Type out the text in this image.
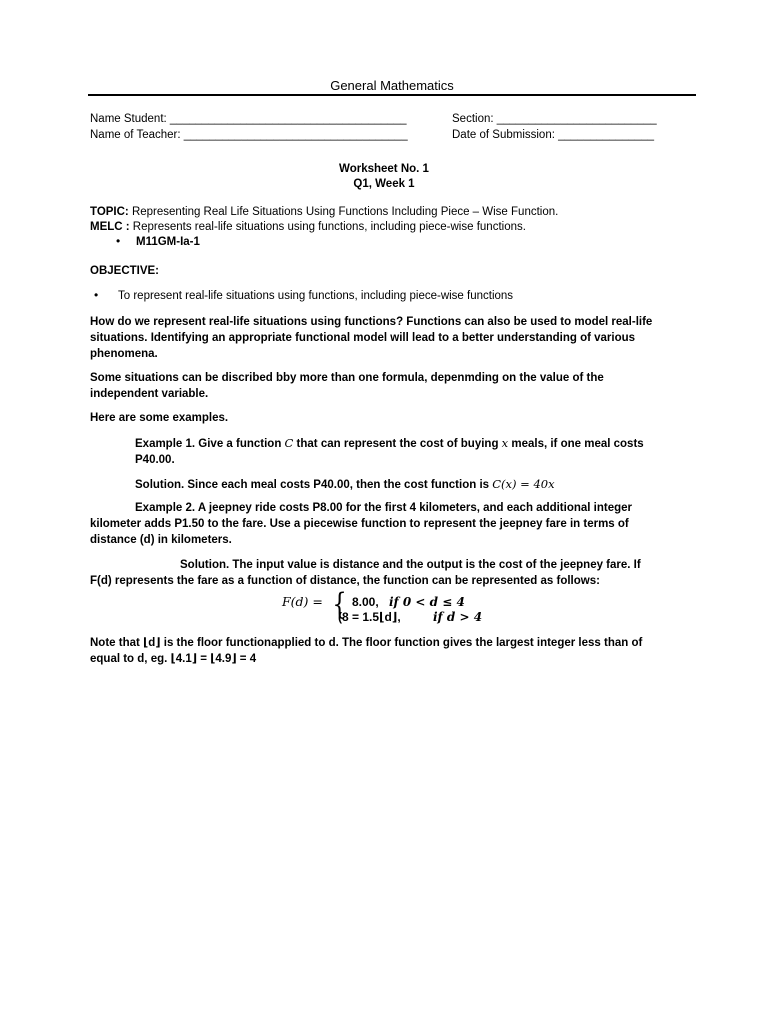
General Mathematics
Name Student: _____________________________________	Section: _________________________
Name of Teacher: ___________________________________	Date of Submission: _______________
Worksheet No. 1
Q1, Week 1
TOPIC: Representing Real Life Situations Using Functions Including Piece – Wise Function.
MELC : Represents real-life situations using functions, including piece-wise functions.
• M11GM-Ia-1
OBJECTIVE:
• To represent real-life situations using functions, including piece-wise functions
How do we represent real-life situations using functions? Functions can also be used to model real-life
situations. Identifying an appropriate functional model will lead to a better understanding of various
phenomena.
Some situations can be discribed bby more than one formula, depenmding on the value of the
independent variable.
Here are some examples.
Example 1. Give a function C that can represent the cost of buying x meals, if one meal costs
P40.00.
Solution. Since each meal costs P40.00, then the cost function is C(x) = 40x
Example 2. A jeepney ride costs P8.00 for the first 4 kilometers, and each additional integer
kilometer adds P1.50 to the fare. Use a piecewise function to represent the jeepney fare in terms of
distance (d) in kilometers.
Solution. The input value is distance and the output is the cost of the jeepney fare. If
F(d) represents the fare as a function of distance, the function can be represented as follows:
F(d) = { 8.00, if 0 < d ≤ 4
(8 = 1.5⌊d⌋,	if d > 4
Note that ⌊d⌋ is the floor functionapplied to d. The floor function gives the largest integer less than of
equal to d, eg. ⌊4.1⌋ = ⌊4.9⌋ = 4
